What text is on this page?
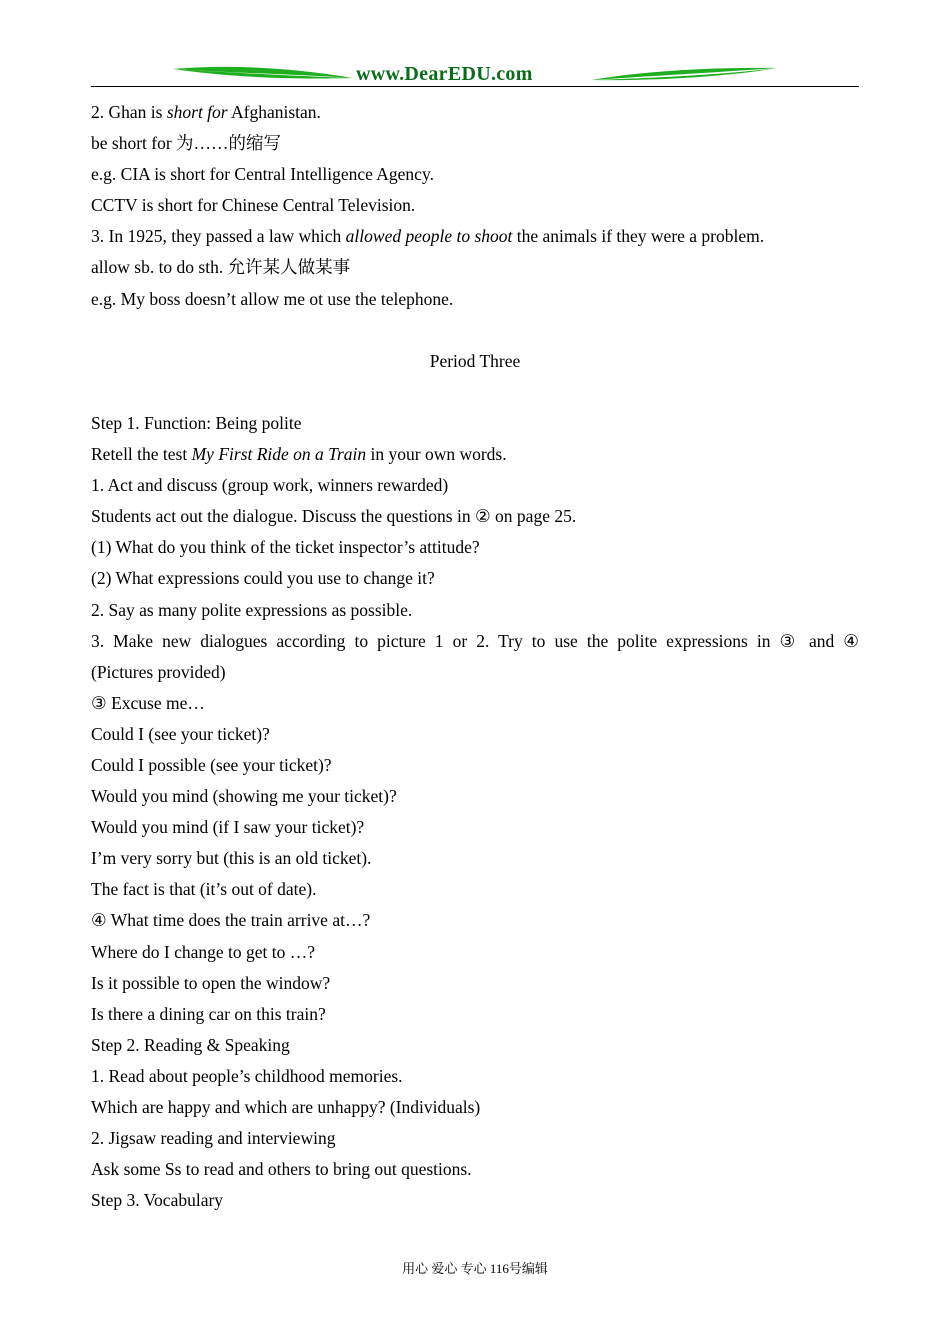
www.DearEDU.com
2. Ghan is short for Afghanistan.
be short for 为……的缩写
e.g. CIA is short for Central Intelligence Agency.
CCTV is short for Chinese Central Television.
3. In 1925, they passed a law which allowed people to shoot the animals if they were a problem.
allow sb. to do sth. 允许某人做某事
e.g. My boss doesn’t allow me ot use the telephone.
Period Three
Step 1. Function: Being polite
Retell the test My First Ride on a Train in your own words.
1. Act and discuss (group work, winners rewarded)
Students act out the dialogue. Discuss the questions in ② on page 25.
(1) What do you think of the ticket inspector’s attitude?
(2) What expressions could you use to change it?
2. Say as many polite expressions as possible.
3. Make new dialogues according to picture 1 or 2. Try to use the polite expressions in ③ and ④
(Pictures provided)
③ Excuse me…
Could I (see your ticket)?
Could I possible (see your ticket)?
Would you mind (showing me your ticket)?
Would you mind (if I saw your ticket)?
I’m very sorry but (this is an old ticket).
The fact is that (it’s out of date).
④ What time does the train arrive at…?
Where do I change to get to …?
Is it possible to open the window?
Is there a dining car on this train?
Step 2. Reading & Speaking
1. Read about people’s childhood memories.
Which are happy and which are unhappy? (Individuals)
2. Jigsaw reading and interviewing
Ask some Ss to read and others to bring out questions.
Step 3. Vocabulary
用心 爱心 专心 116号编辑
